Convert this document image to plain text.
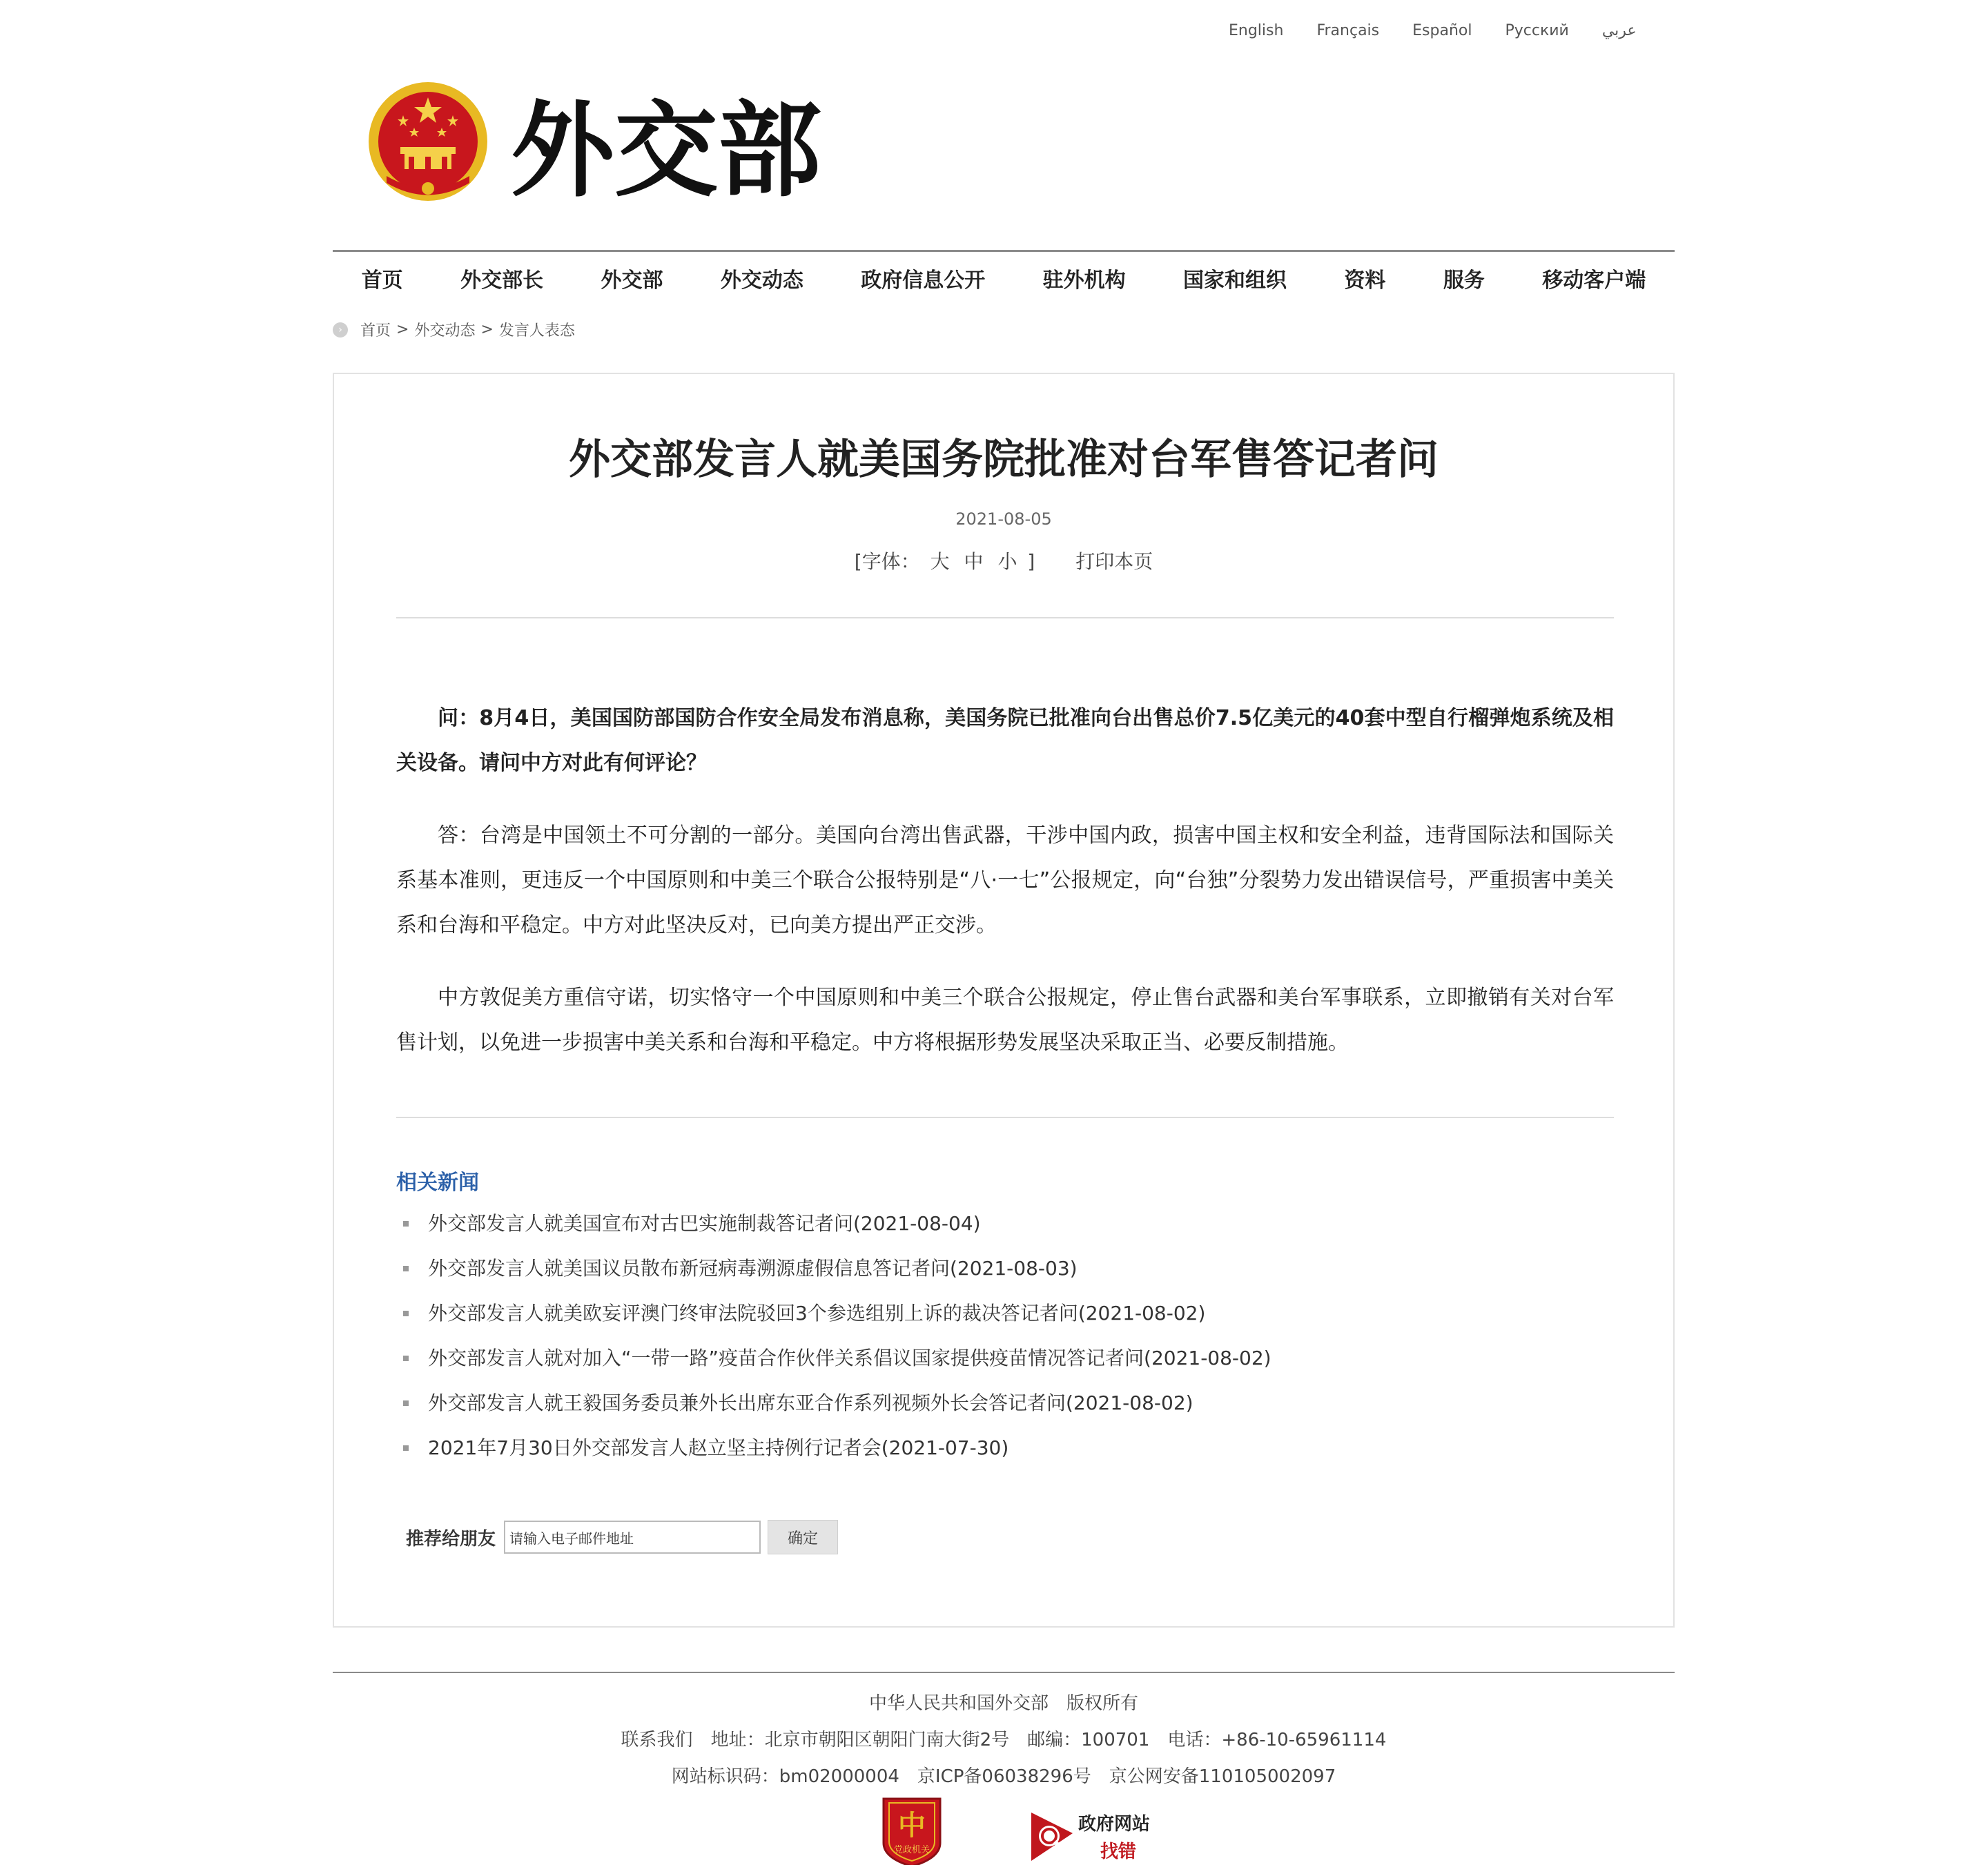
English Français Español Русский عربي
外交部
首页	外交部长	外交部	外交动态	政府信息公开	驻外机构	国家和组织	资料	服务	移动客户端
›	首页 > 外交动态 > 发言人表态
外交部发言人就美国务院批准对台军售答记者问
2021-08-05
[字体： 大 中 小 ] 打印本页

问：8月4日，美国国防部国防合作安全局发布消息称，美国务院已批准向台出售总价7.5亿美元的40套中型自行榴弹炮系统及相关设备。请问中方对此有何评论？

答：台湾是中国领土不可分割的一部分。美国向台湾出售武器，干涉中国内政，损害中国主权和安全利益，违背国际法和国际关系基本准则，更违反一个中国原则和中美三个联合公报特别是“八·一七”公报规定，向“台独”分裂势力发出错误信号，严重损害中美关系和台海和平稳定。中方对此坚决反对，已向美方提出严正交涉。

中方敦促美方重信守诺，切实恪守一个中国原则和中美三个联合公报规定，停止售台武器和美台军事联系，立即撤销有关对台军售计划，以免进一步损害中美关系和台海和平稳定。中方将根据形势发展坚决采取正当、必要反制措施。

相关新闻
外交部发言人就美国宣布对古巴实施制裁答记者问(2021-08-04)
外交部发言人就美国议员散布新冠病毒溯源虚假信息答记者问(2021-08-03)
外交部发言人就美欧妄评澳门终审法院驳回3个参选组别上诉的裁决答记者问(2021-08-02)
外交部发言人就对加入“一带一路”疫苗合作伙伴关系倡议国家提供疫苗情况答记者问(2021-08-02)
外交部发言人就王毅国务委员兼外长出席东亚合作系列视频外长会答记者问(2021-08-02)
2021年7月30日外交部发言人赵立坚主持例行记者会(2021-07-30)
推荐给朋友
请输入电子邮件地址	确定
中华人民共和国外交部 版权所有
联系我们 地址：北京市朝阳区朝阳门南大街2号 邮编：100701 电话：+86-10-65961114
网站标识码：bm02000004 京ICP备06038296号 京公网安备110105002097
中
党政机关
政府网站
找错
